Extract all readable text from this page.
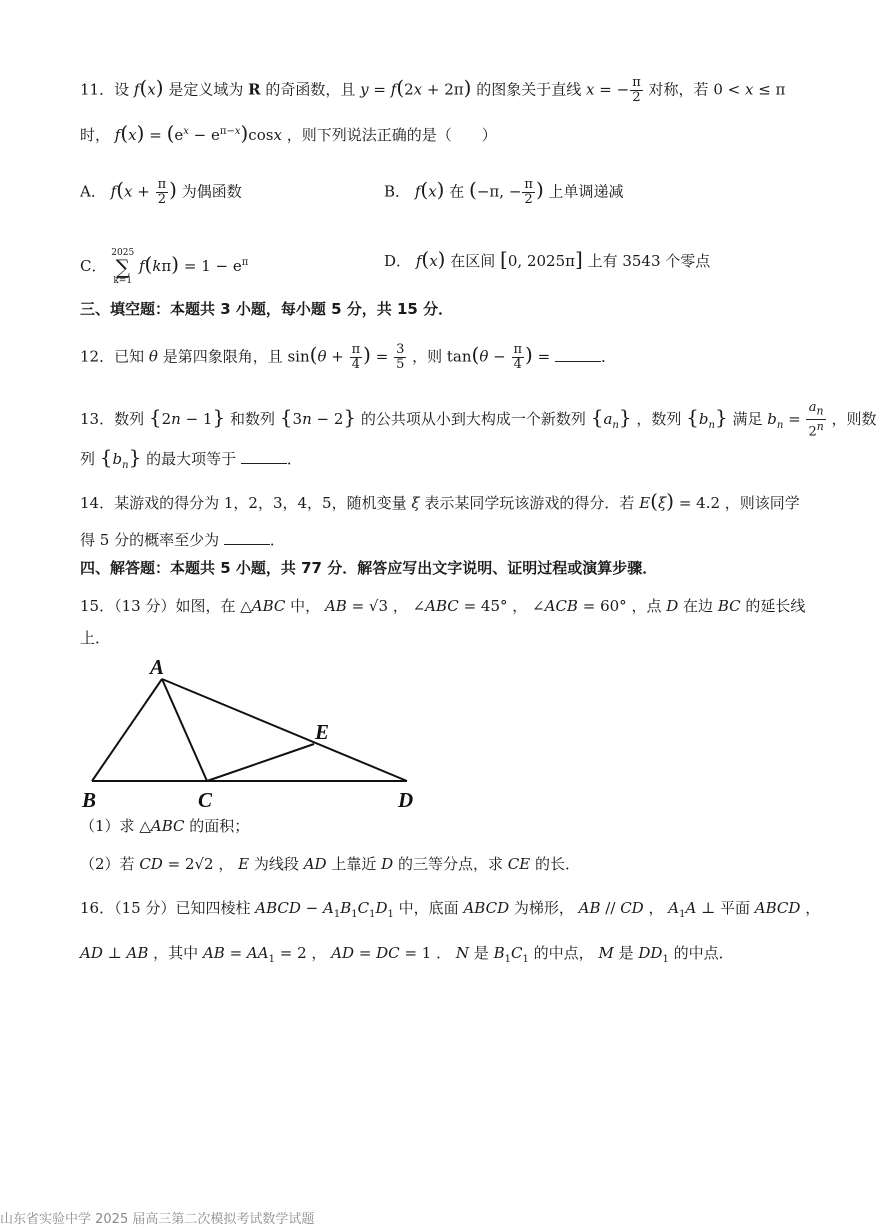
11．设 f(x) 是定义域为 R 的奇函数，且 y = f(2x + 2π) 的图象关于直线 x = − $\frac{\pi}{2}$ 对称，若 0 < x ≤ π
时， $f(x) = (e^x - e^{\pi-x})\cos x$ ，则下列说法正确的是（　　）
A． $f(x + \frac{\pi}{2}$ ) 为偶函数	B． f(x) 在 (−π, − $\frac{\pi}{2}$ ) 上单调递减
C．
2025
∑
k=1
$f(k\pi) = 1 - e^\pi$	D． f(x) 在区间 [0, 2025π] 上有 3543 个零点
三、填空题：本题共 3 小题，每小题 5 分，共 15 分．
12．已知 θ 是第四象限角，且 $\sin(\theta + \frac{\pi}{4}$ ) = $\frac{3}{5}$ ，则 $\tan(\theta - \frac{\pi}{4}$ ) =	．
13．数列 {2n − 1} 和数列 {3n − 2} 的公共项从小到大构成一个新数列 $\{a_n\}$ ，数列 $\{b_n\}$ 满足 $b_n = \frac{a_n}{2^n}$ ，则数
列 $\{b_n\}$ 的最大项等于	．
14．某游戏的得分为 1，2，3，4，5，随机变量 ξ 表示某同学玩该游戏的得分．若 E(ξ) = 4.2 ，则该同学
得 5 分的概率至少为	．
四、解答题：本题共 5 小题，共 77 分．解答应写出文字说明、证明过程或演算步骤．
15．（13 分）如图，在 △ABC 中， AB = √3 ， ∠ABC = 45° ， ∠ACB = 60° ，点 D 在边 BC 的延长线
上．
A
B	C	D
E
（1）求 △ABC 的面积；
（2）若 CD = 2√2 ， E 为线段 AD 上靠近 D 的三等分点，求 CE 的长．
16．（15 分）已知四棱柱 ABCD − $A_1B_1C_1D_1$ 中，底面 ABCD 为梯形， AB // CD ， $A_1A$ ⊥ 平面 ABCD ，
AD ⊥ AB ，其中 AB = $AA_1 = 2$ ， AD = DC = 1 ． N 是 $B_1C_1$ 的中点， M 是 $DD_1$ 的中点．
山东省实验中学 2025 届高三第二次模拟考试数学试题
